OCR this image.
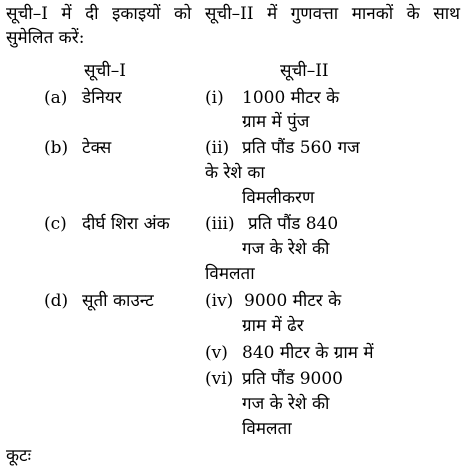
सूची–I में दी इकाइयों को सूची–II में गुणवत्ता मानकों के साथ
सुमेलित करें:
सूची–I	सूची–II
(a) डेनियर
(b) टेक्स
(c) दीर्घ शिरा अंक
(d) सूती काउन्ट
(i) 1000 मीटर के
ग्राम में पुंज
(ii) प्रति पौंड 560 गज
के रेशे का
विमलीकरण
(iii) प्रति पौंड 840
गज के रेशे की
विमलता
(iv) 9000 मीटर के
ग्राम में ढेर
(v) 840 मीटर के ग्राम में
(vi) प्रति पौंड 9000
गज के रेशे की
विमलता
कूटः
